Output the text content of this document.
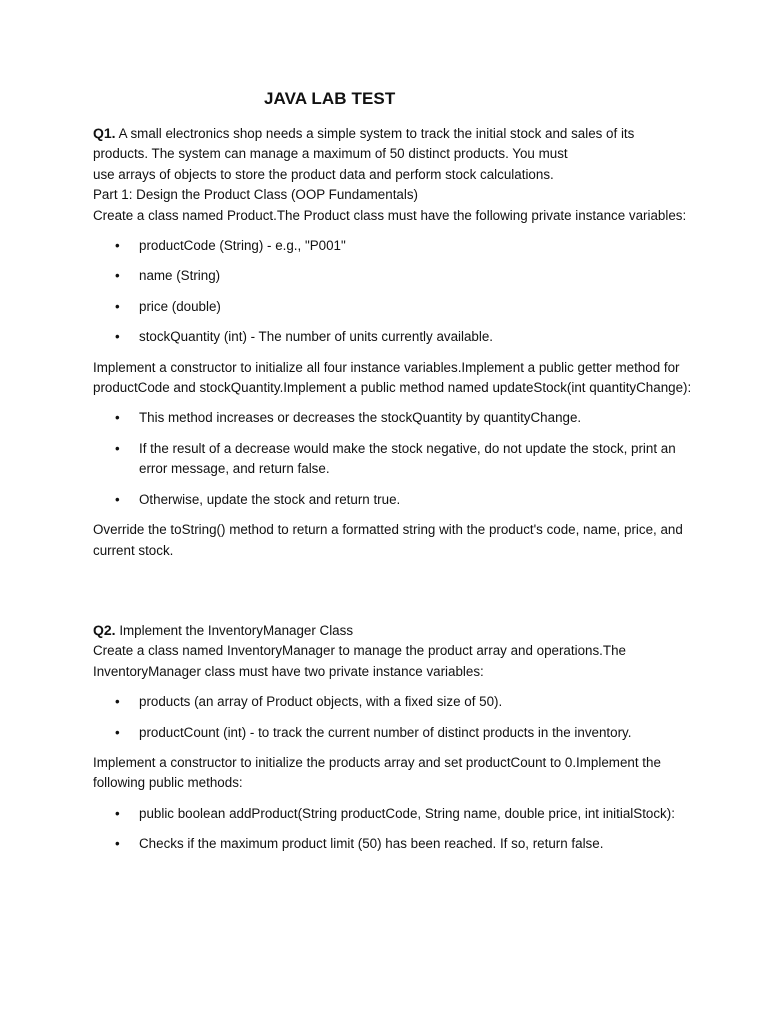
JAVA LAB TEST

Q1. A small electronics shop needs a simple system to track the initial stock and sales of its products. The system can manage a maximum of 50 distinct products. You must

use arrays of objects to store the product data and perform stock calculations.

Part 1: Design the Product Class (OOP Fundamentals)

Create a class named Product.The Product class must have the following private instance variables:

• productCode (String) - e.g., "P001"
• name (String)
• price (double)
• stockQuantity (int) - The number of units currently available.

Implement a constructor to initialize all four instance variables.Implement a public getter method for productCode and stockQuantity.Implement a public method named updateStock(int quantityChange):

• This method increases or decreases the stockQuantity by quantityChange.
• If the result of a decrease would make the stock negative, do not update the stock, print an error message, and return false.
• Otherwise, update the stock and return true.

Override the toString() method to return a formatted string with the product's code, name, price, and current stock.

Q2. Implement the InventoryManager Class

Create a class named InventoryManager to manage the product array and operations.The InventoryManager class must have two private instance variables:

• products (an array of Product objects, with a fixed size of 50).
• productCount (int) - to track the current number of distinct products in the inventory.

Implement a constructor to initialize the products array and set productCount to 0.Implement the following public methods:

• public boolean addProduct(String productCode, String name, double price, int initialStock):
• Checks if the maximum product limit (50) has been reached. If so, return false.
